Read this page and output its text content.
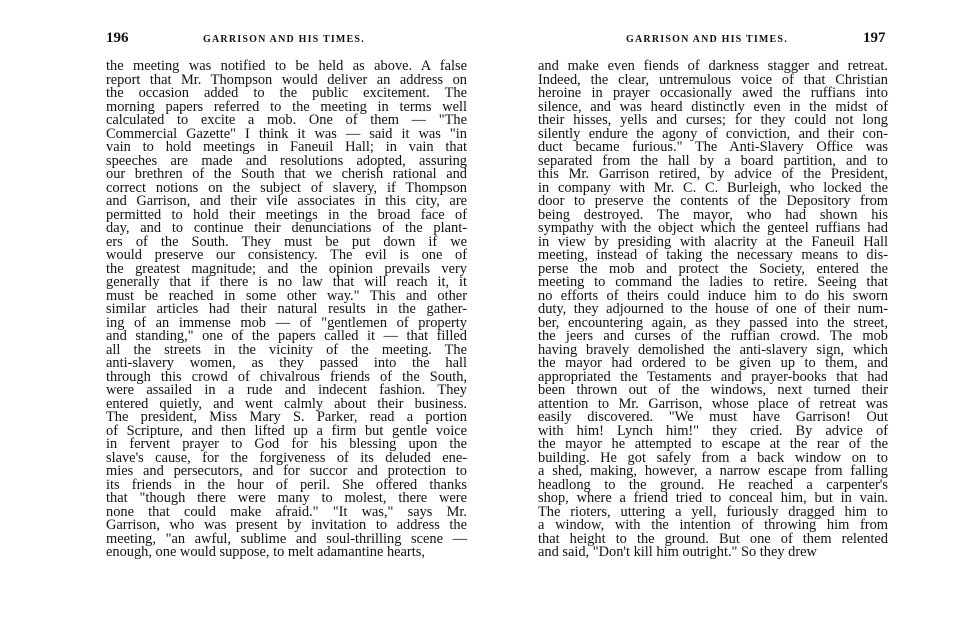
196	GARRISON AND HIS TIMES.
the meeting was notified to be held as above. A false
report that Mr. Thompson would deliver an address on
the occasion added to the public excitement. The
morning papers referred to the meeting in terms well
calculated to excite a mob. One of them — "The
Commercial Gazette" I think it was — said it was "in
vain to hold meetings in Faneuil Hall; in vain that
speeches are made and resolutions adopted, assuring
our brethren of the South that we cherish rational and
correct notions on the subject of slavery, if Thompson
and Garrison, and their vile associates in this city, are
permitted to hold their meetings in the broad face of
day, and to continue their denunciations of the plant-
ers of the South. They must be put down if we
would preserve our consistency. The evil is one of
the greatest magnitude; and the opinion prevails very
generally that if there is no law that will reach it, it
must be reached in some other way." This and other
similar articles had their natural results in the gather-
ing of an immense mob — of "gentlemen of property
and standing," one of the papers called it — that filled
all the streets in the vicinity of the meeting. The
anti-slavery women, as they passed into the hall
through this crowd of chivalrous friends of the South,
were assailed in a rude and indecent fashion. They
entered quietly, and went calmly about their business.
The president, Miss Mary S. Parker, read a portion
of Scripture, and then lifted up a firm but gentle voice
in fervent prayer to God for his blessing upon the
slave's cause, for the forgiveness of its deluded ene-
mies and persecutors, and for succor and protection to
its friends in the hour of peril. She offered thanks
that "though there were many to molest, there were
none that could make afraid." "It was," says Mr.
Garrison, who was present by invitation to address the
meeting, "an awful, sublime and soul-thrilling scene —
enough, one would suppose, to melt adamantine hearts,
GARRISON AND HIS TIMES.	197
and make even fiends of darkness stagger and retreat.
Indeed, the clear, untremulous voice of that Christian
heroine in prayer occasionally awed the ruffians into
silence, and was heard distinctly even in the midst of
their hisses, yells and curses; for they could not long
silently endure the agony of conviction, and their con-
duct became furious." The Anti-Slavery Office was
separated from the hall by a board partition, and to
this Mr. Garrison retired, by advice of the President,
in company with Mr. C. C. Burleigh, who locked the
door to preserve the contents of the Depository from
being destroyed. The mayor, who had shown his
sympathy with the object which the genteel ruffians had
in view by presiding with alacrity at the Faneuil Hall
meeting, instead of taking the necessary means to dis-
perse the mob and protect the Society, entered the
meeting to command the ladies to retire. Seeing that
no efforts of theirs could induce him to do his sworn
duty, they adjourned to the house of one of their num-
ber, encountering again, as they passed into the street,
the jeers and curses of the ruffian crowd. The mob
having bravely demolished the anti-slavery sign, which
the mayor had ordered to be given up to them, and
appropriated the Testaments and prayer-books that had
been thrown out of the windows, next turned their
attention to Mr. Garrison, whose place of retreat was
easily discovered. "We must have Garrison! Out
with him! Lynch him!" they cried. By advice of
the mayor he attempted to escape at the rear of the
building. He got safely from a back window on to
a shed, making, however, a narrow escape from falling
headlong to the ground. He reached a carpenter's
shop, where a friend tried to conceal him, but in vain.
The rioters, uttering a yell, furiously dragged him to
a window, with the intention of throwing him from
that height to the ground. But one of them relented
and said, "Don't kill him outright." So they drew
